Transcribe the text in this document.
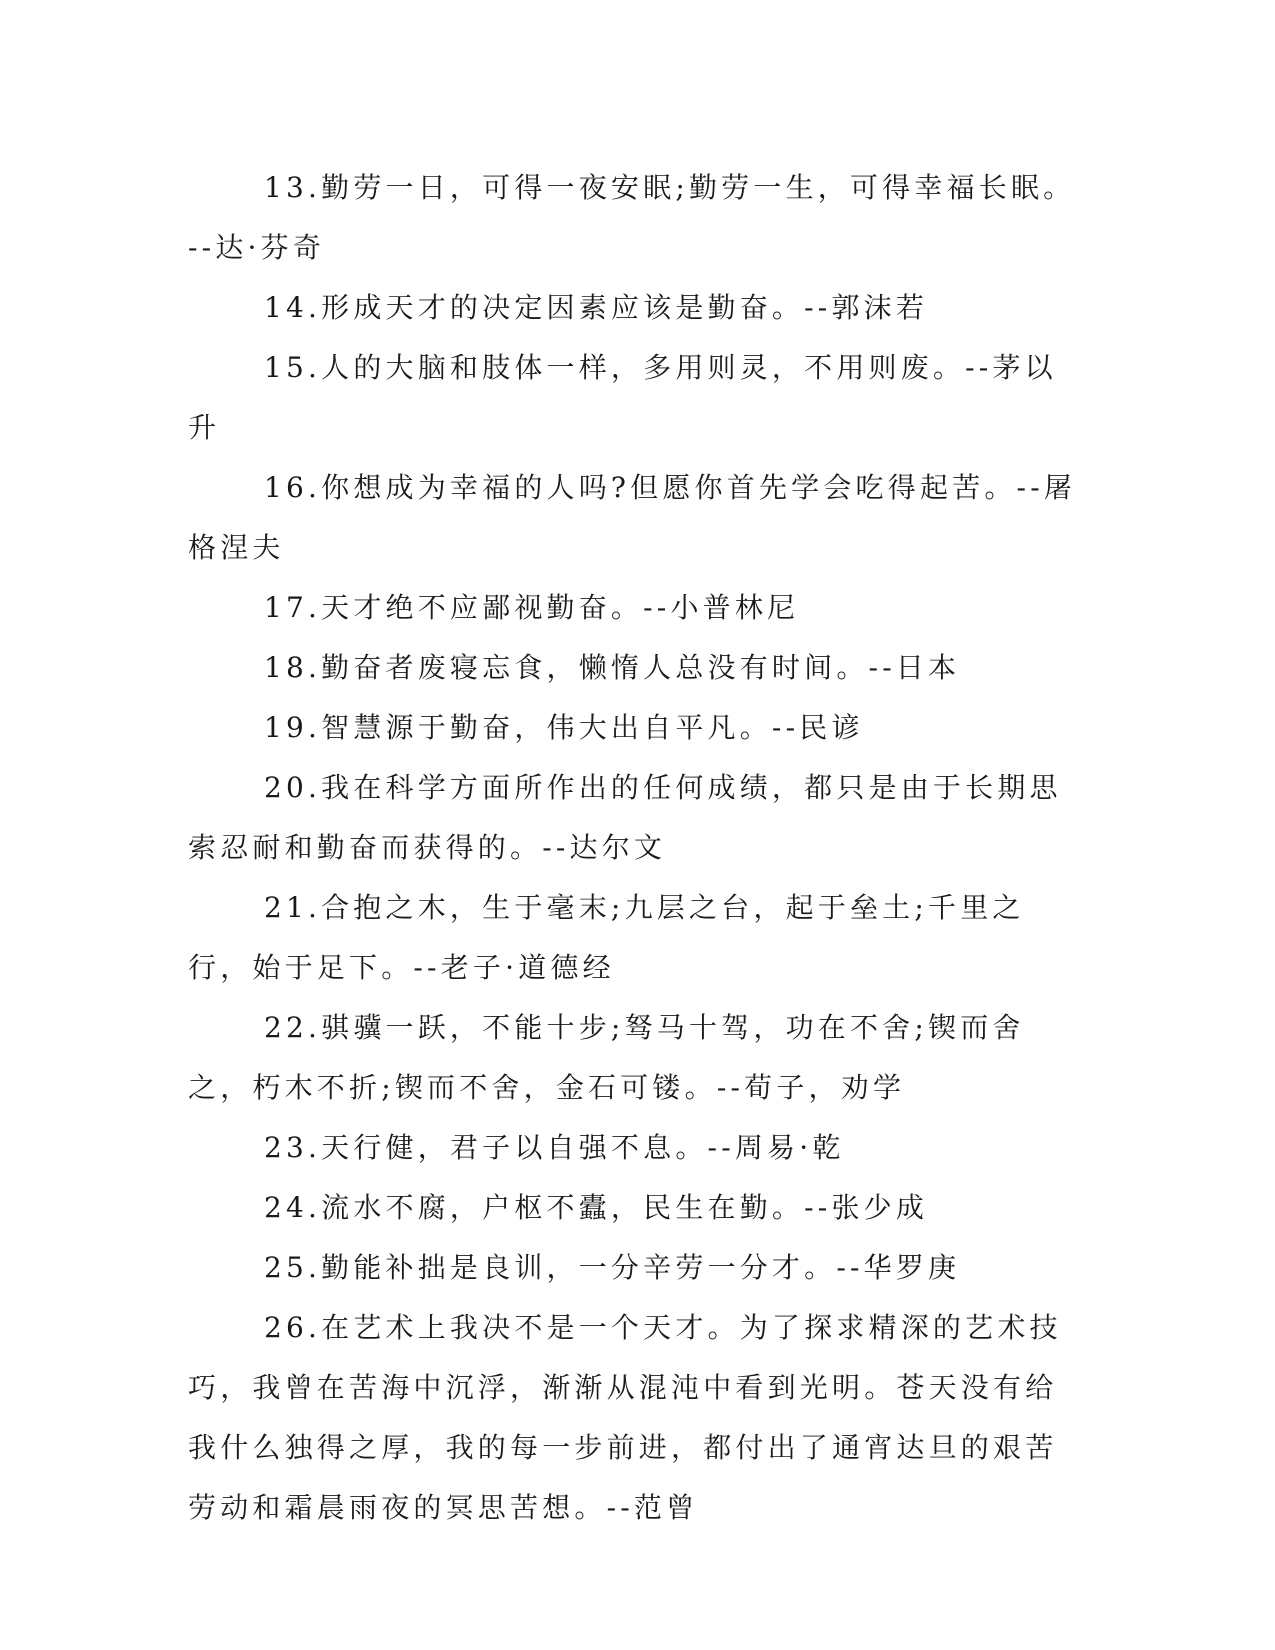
13.勤劳一日，可得一夜安眠;勤劳一生，可得幸福长眠。--达·芬奇

14.形成天才的决定因素应该是勤奋。--郭沫若

15.人的大脑和肢体一样，多用则灵，不用则废。--茅以升

16.你想成为幸福的人吗?但愿你首先学会吃得起苦。--屠格涅夫

17.天才绝不应鄙视勤奋。--小普林尼

18.勤奋者废寝忘食，懒惰人总没有时间。--日本

19.智慧源于勤奋，伟大出自平凡。--民谚

20.我在科学方面所作出的任何成绩，都只是由于长期思索忍耐和勤奋而获得的。--达尔文

21.合抱之木，生于毫末;九层之台，起于垒土;千里之行，始于足下。--老子·道德经

22.骐骥一跃，不能十步;驽马十驾，功在不舍;锲而舍之，朽木不折;锲而不舍，金石可镂。--荀子，劝学

23.天行健，君子以自强不息。--周易·乾

24.流水不腐，户枢不蠹，民生在勤。--张少成

25.勤能补拙是良训，一分辛劳一分才。--华罗庚

26.在艺术上我决不是一个天才。为了探求精深的艺术技巧，我曾在苦海中沉浮，渐渐从混沌中看到光明。苍天没有给我什么独得之厚，我的每一步前进，都付出了通宵达旦的艰苦劳动和霜晨雨夜的冥思苦想。--范曾
